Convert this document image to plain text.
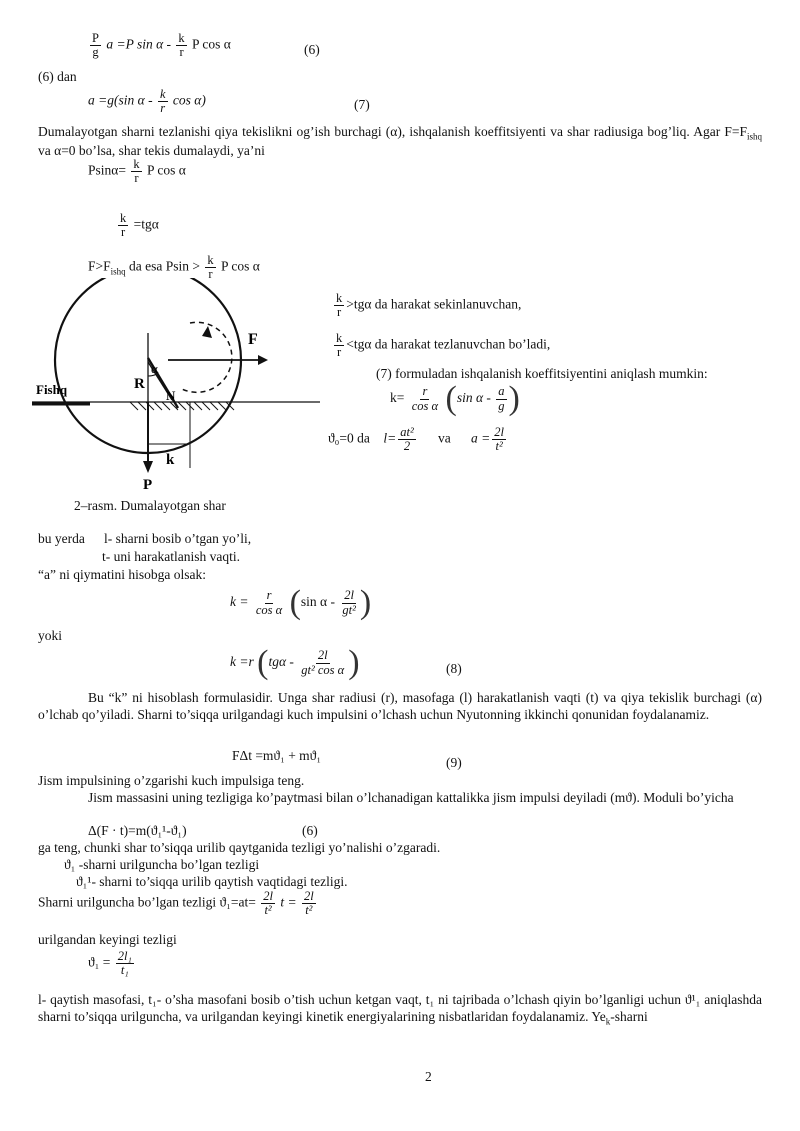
$\frac{P}{g}$ a =P sin α - $\frac{k}{r}$ P cos α	(6)
(6) dan
a =g(sin α - $\frac{k}{r}$ cos α)	(7)
Dumalayotgan sharni tezlanishi qiya tekislikni og’ish burchagi (α), ishqalanish koeffitsiyenti va shar radiusiga bog’liq. Agar $F=F_{ishq}$ va α=0 bo’lsa, shar tekis dumalaydi, ya’ni
$Psin\alpha= \frac{k}{r}$ P cos α
$\frac{k}{r} =tg\alpha$
$F>F_{ishq}$ da esa $Psin > \frac{k}{r}$ P cos α
F
Fishq	R
N
α
k
P
2–rasm. Dumalayotgan shar
$\frac{k}{r} >tg\alpha$ da harakat sekinlanuvchan,
$\frac{k}{r} <tg\alpha$ da harakat tezlanuvchan bo’ladi,
(7) formuladan ishqalanish koeffitsiyentini aniqlash mumkin:
$k= \frac{r}{\text{cos α}} (\sin$ α - $\frac{a}{g}$ )
ϑ₀=0 da $l= \frac{\text{at²}}{2}$ va $a = \frac{2l}{\text{t²}}$
bu yerda l- sharni bosib o’tgan yo’li,
t- uni harakatlanish vaqti.
“a” ni qiymatini hisobga olsak:
$k = \frac{r}{\text{cos α}} (\sin$ α - $\frac{2l}{\text{gt²}}$ )
yoki
k =r ($tg\alpha - \frac{2l}{\text{gt² cos α}}$ )	(8)
Bu “k” ni hisoblash formulasidir. Unga shar radiusi (r), masofaga (l) harakatlanish vaqti (t) va qiya tekislik burchagi (α) o’lchab qo’yiladi. Sharni to’siqqa urilgandagi kuch impulsini o’lchash uchun Nyutonning ikkinchi qonunidan foydalanamiz.
FΔt =mϑ₁ + mϑ₁	(9)
Jism impulsining o’zgarishi kuch impulsiga teng.
Jism massasini uning tezligiga ko’paytmasi bilan o’lchanadigan kattalikka jism impulsi deyiladi (mϑ). Moduli bo’yicha
Δ(F · t)=m(ϑ₁¹-ϑ₁)	(6)
ga teng, chunki shar to’siqqa urilib qaytganida tezligi yo’nalishi o’zgaradi.
ϑ₁ -sharni urilguncha bo’lgan tezligi
ϑ₁¹- sharni to’siqqa urilib qaytish vaqtidagi tezligi.
Sharni urilguncha bo’lgan tezligi $ϑ_1=at= \frac{2l}{\text{t²}}$ $t = \frac{2l}{\text{t²}}$
urilgandan keyingi tezligi
$ϑ_1 = \frac{\text{2l₁}}{\text{t₁}}$
l- qaytish masofasi, t₁- o’sha masofani bosib o’tish uchun ketgan vaqt, t₁ ni tajribada o’lchash qiyin bo’lganligi uchun ϑ¹₁ aniqlashda sharni to’siqqa urilguncha, va urilgandan keyingi kinetik energiyalarining nisbatlaridan foydalanamiz. $Ye_k$-sharni
2
